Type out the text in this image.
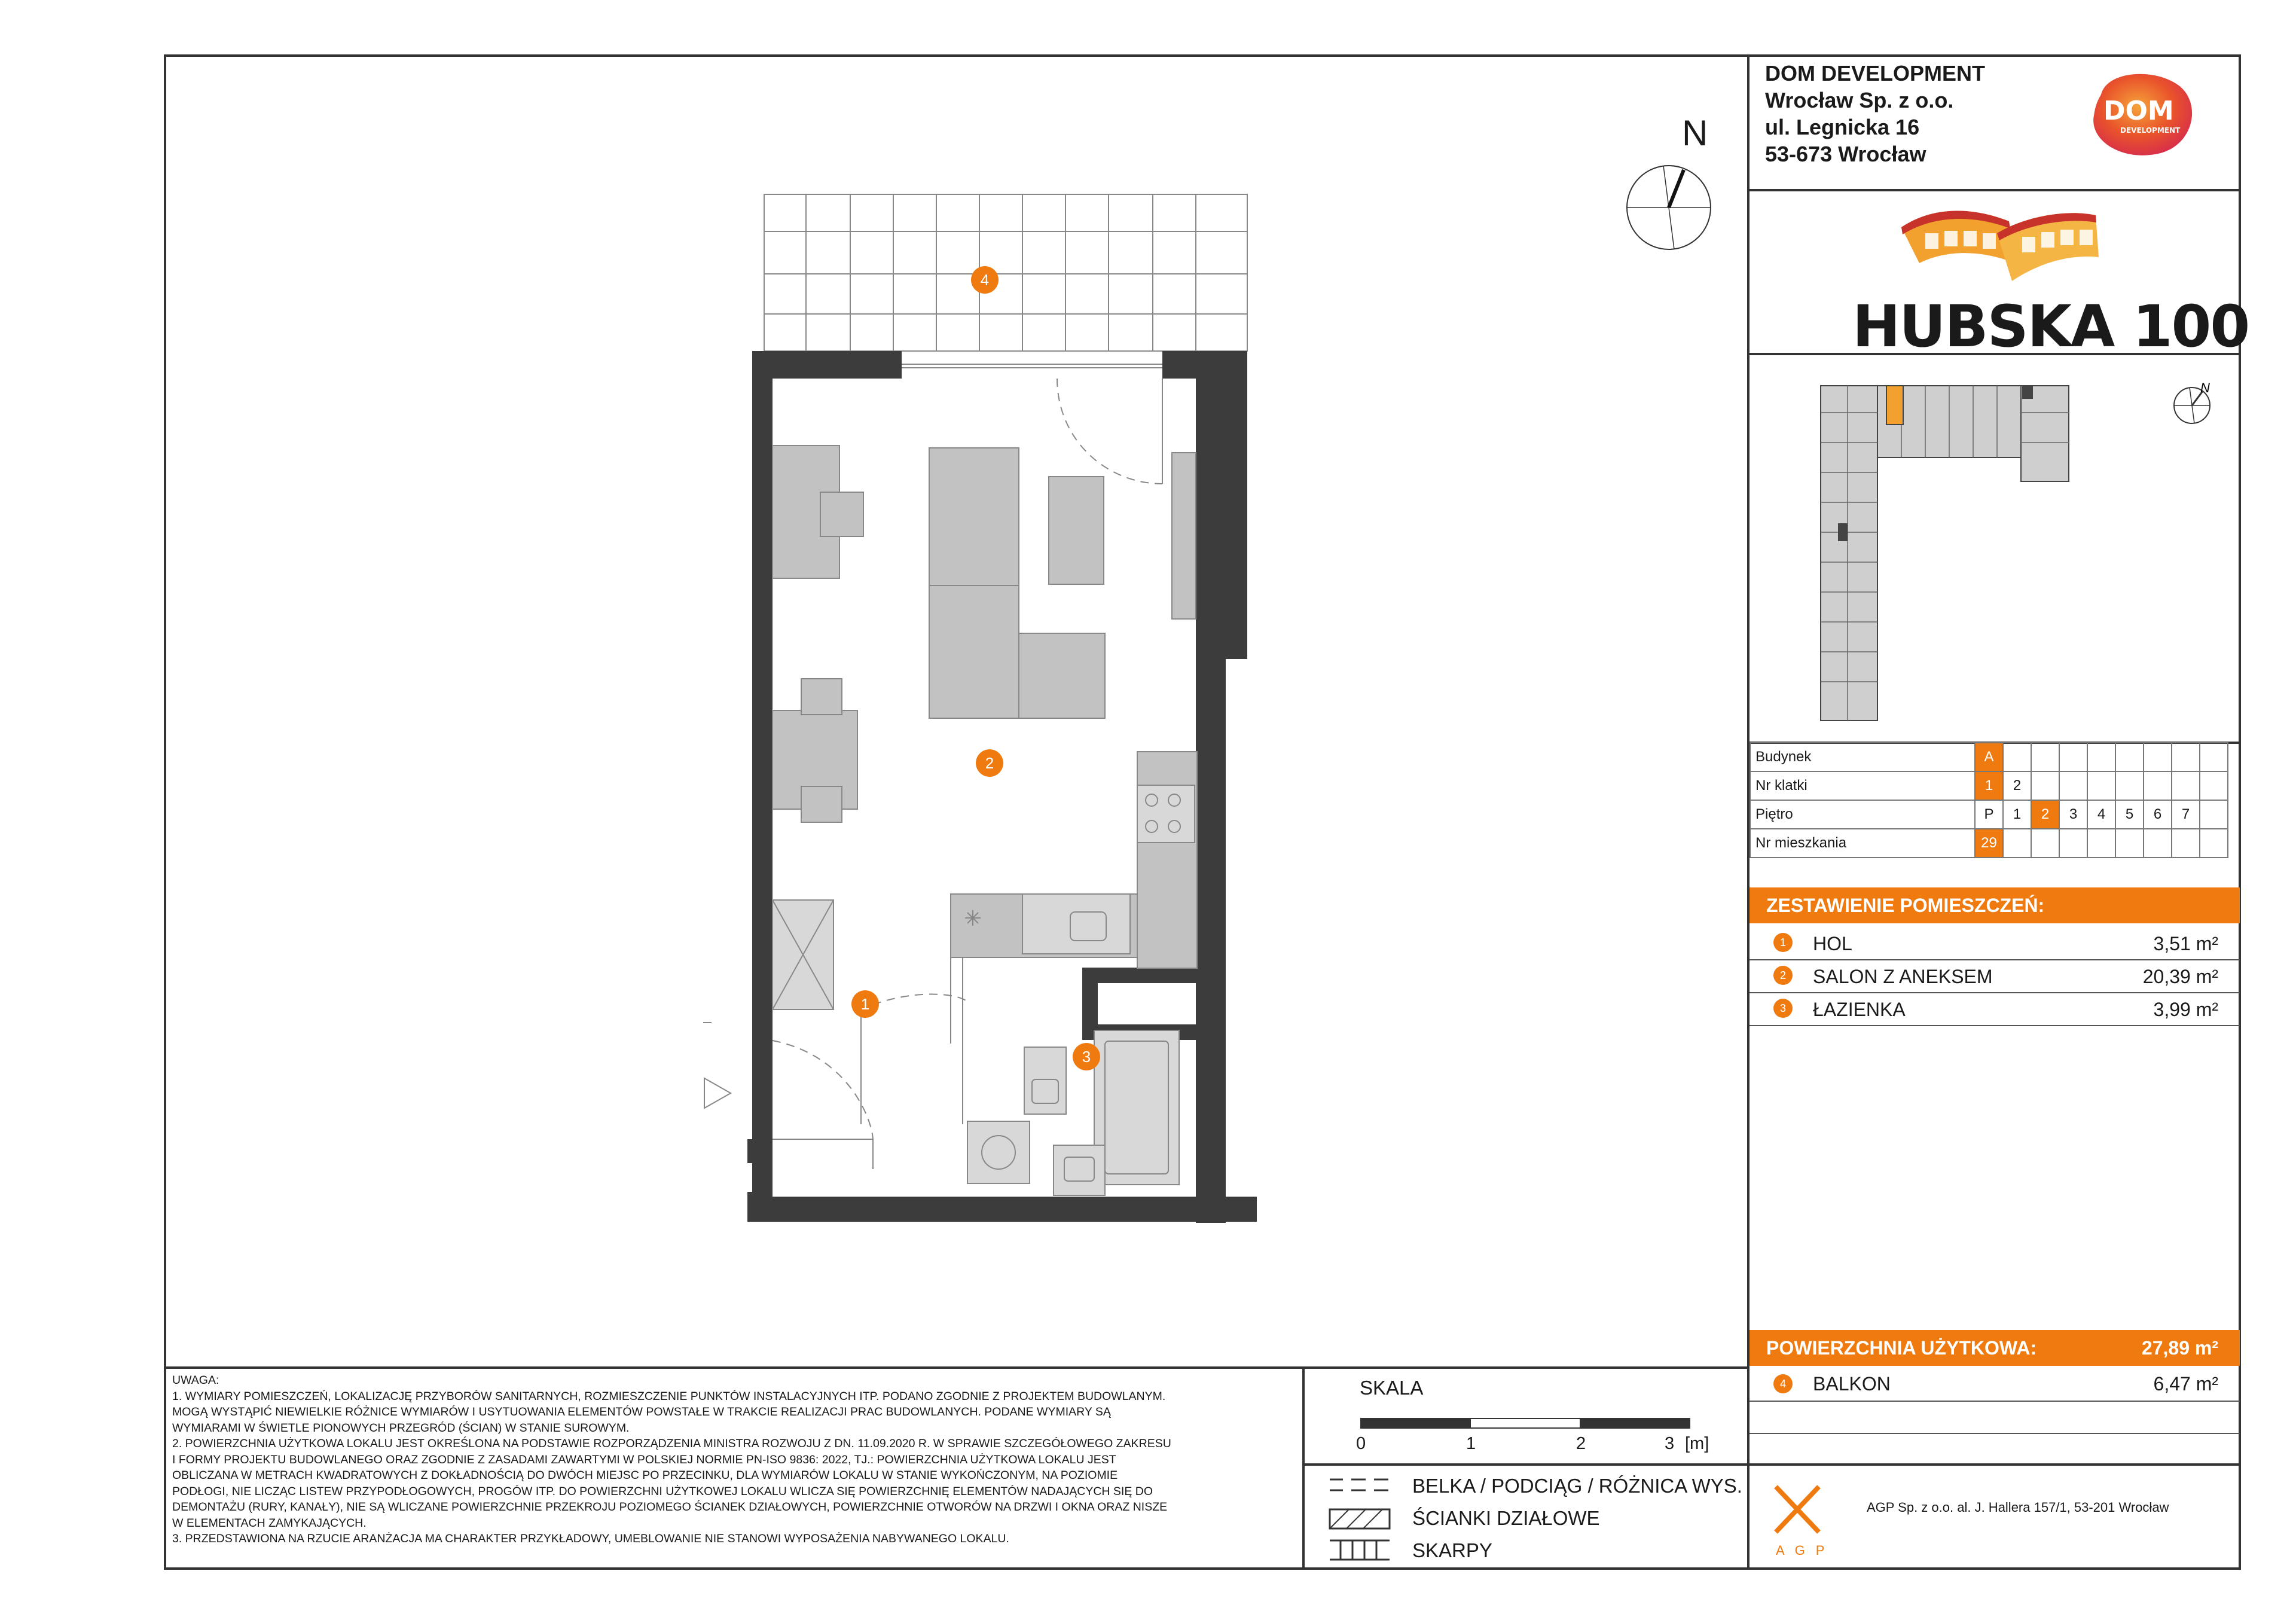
DOM DEVELOPMENT
Wrocław Sp. z o.o.
ul. Legnicka 16
53-673 Wrocław
DOM
DEVELOPMENT
HUBSKA 100
N
Budynek	A								
Nr klatki	1	2							
Piętro	P	1	2	3	4	5	6	7	
Nr mieszkania	29								
ZESTAWIENIE POMIESZCZEŃ:
1	HOL	3,51 m²
2	SALON Z ANEKSEM	20,39 m²
3	ŁAZIENKA	3,99 m²
POWIERZCHNIA UŻYTKOWA:	27,89 m²
4	BALKON	6,47 m²
A G P
AGP Sp. z o.o. al. J. Hallera 157/1, 53-201 Wrocław
UWAGA:
1. WYMIARY POMIESZCZEŃ, LOKALIZACJĘ PRZYBORÓW SANITARNYCH, ROZMIESZCZENIE PUNKTÓW INSTALACYJNYCH ITP. PODANO ZGODNIE Z PROJEKTEM BUDOWLANYM.
MOGĄ WYSTĄPIĆ NIEWIELKIE RÓŻNICE WYMIARÓW I USYTUOWANIA ELEMENTÓW POWSTAŁE W TRAKCIE REALIZACJI PRAC BUDOWLANYCH. PODANE WYMIARY SĄ
WYMIARAMI W ŚWIETLE PIONOWYCH PRZEGRÓD (ŚCIAN) W STANIE SUROWYM.
2. POWIERZCHNIA UŻYTKOWA LOKALU JEST OKREŚLONA NA PODSTAWIE ROZPORZĄDZENIA MINISTRA ROZWOJU Z DN. 11.09.2020 R. W SPRAWIE SZCZEGÓŁOWEGO ZAKRESU
I FORMY PROJEKTU BUDOWLANEGO ORAZ ZGODNIE Z ZASADAMI ZAWARTYMI W POLSKIEJ NORMIE PN-ISO 9836: 2022, TJ.: POWIERZCHNIA UŻYTKOWA LOKALU JEST
OBLICZANA W METRACH KWADRATOWYCH Z DOKŁADNOŚCIĄ DO DWÓCH MIEJSC PO PRZECINKU, DLA WYMIARÓW LOKALU W STANIE WYKOŃCZONYM, NA POZIOMIE
PODŁOGI, NIE LICZĄC LISTEW PRZYPODŁOGOWYCH, PROGÓW ITP. DO POWIERZCHNI UŻYTKOWEJ LOKALU WLICZA SIĘ POWIERZCHNIĘ ELEMENTÓW NADAJĄCYCH SIĘ DO
DEMONTAŻU (RURY, KANAŁY), NIE SĄ WLICZANE POWIERZCHNIE PRZEKROJU POZIOMEGO ŚCIANEK DZIAŁOWYCH, POWIERZCHNIE OTWORÓW NA DRZWI I OKNA ORAZ NISZE
W ELEMENTACH ZAMYKAJĄCYCH.
3. PRZEDSTAWIONA NA RZUCIE ARANŻACJA MA CHARAKTER PRZYKŁADOWY, UMEBLOWANIE NIE STANOWI WYPOSAŻENIA NABYWANEGO LOKALU.
SKALA
0	1	2	3 [m]
BELKA / PODCIĄG / RÓŻNICA WYS.
ŚCIANKI DZIAŁOWE
SKARPY
N
4
2
1
3
